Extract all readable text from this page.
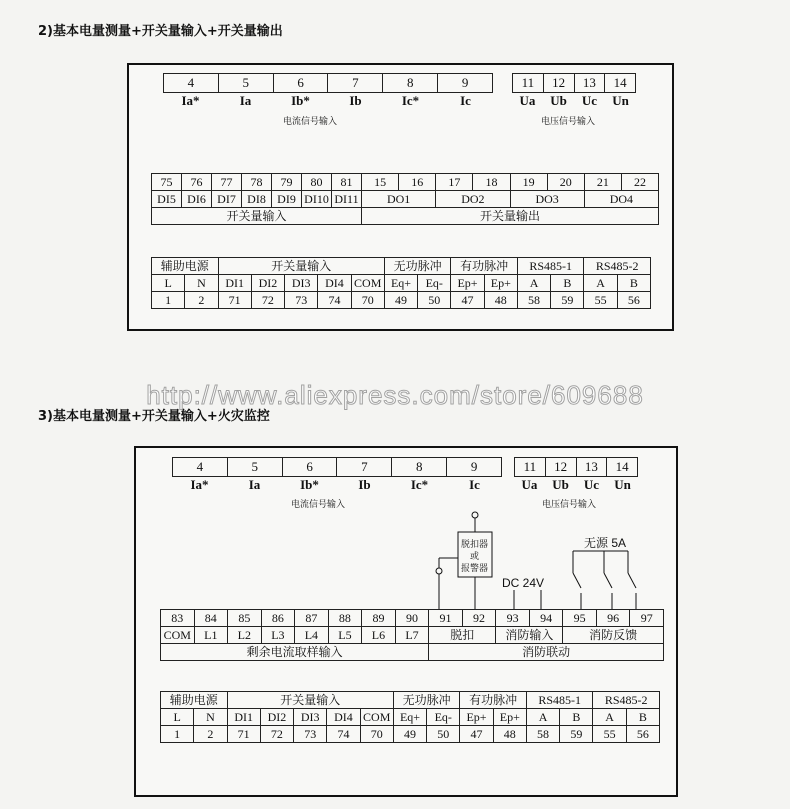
2)基本电量测量+开关量输入+开关量输出
4	5	6	7	8	9
Ia*	Ia	Ib*	Ib	Ic*	Ic
电流信号输入
11	12	13	14
Ua	Ub	Uc	Un
电压信号输入
75	76	77	78	79	80	81	15	16	17	18	19	20	21	22
DI5	DI6	DI7	DI8	DI9	DI10	DI11	DO1		DO2		DO3		DO4	
开关量输入							开关量输出							
辅助电源		开关量输入					无功脉冲		有功脉冲		RS485-1		RS485-2	
L	N	DI1	DI2	DI3	DI4	COM	Eq+	Eq-	Ep+	Ep+	A	B	A	B
1	2	71	72	73	74	70	49	50	47	48	58	59	55	56
http://www.aliexpress.com/store/609688
3)基本电量测量+开关量输入+火灾监控
4	5	6	7	8	9
Ia*	Ia	Ib*	Ib	Ic*	Ic
电流信号输入
11	12	13	14
Ua	Ub	Uc	Un
电压信号输入
脱扣器
或
报警器
DC 24V
无源 5A
83	84	85	86	87	88	89	90	91	92	93	94	95	96	97
COM	L1	L2	L3	L4	L5	L6	L7	脱扣		消防输入		消防反馈		
剩余电流取样输入								消防联动						
辅助电源		开关量输入					无功脉冲		有功脉冲		RS485-1		RS485-2	
L	N	DI1	DI2	DI3	DI4	COM	Eq+	Eq-	Ep+	Ep+	A	B	A	B
1	2	71	72	73	74	70	49	50	47	48	58	59	55	56
